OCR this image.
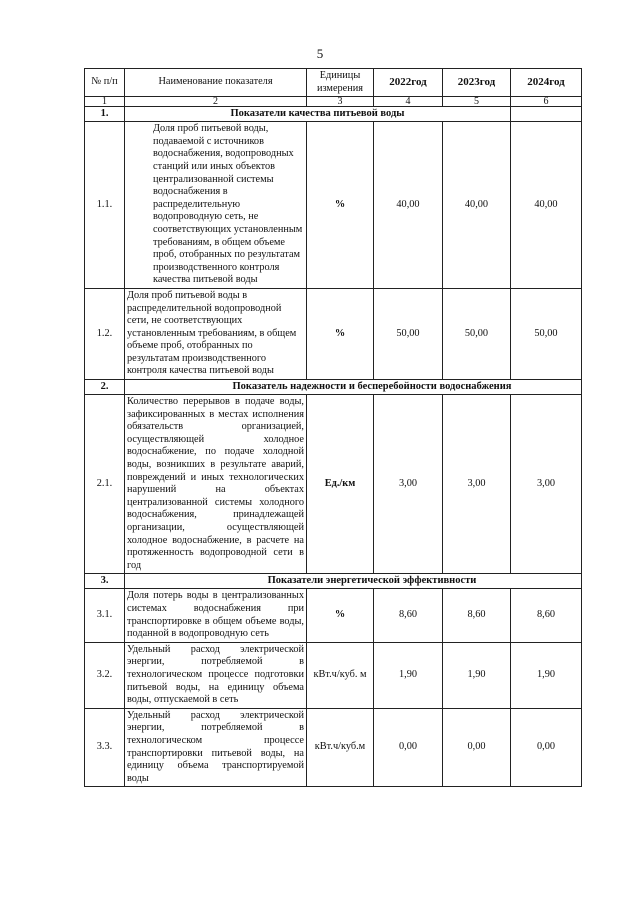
5
№ п/п	Наименование показателя	Единицы измерения	2022год	2023год	2024год
1	2	3	4	5	6
1.	Показатели качества питьевой воды				
1.1.	Доля проб питьевой воды, подаваемой с источников водоснабжения, водопроводных станций или иных объектов централизованной системы водоснабжения в распределительную водопроводную сеть, не соответствующих установленным требованиям, в общем объеме проб, отобранных по результатам производственного контроля качества питьевой воды	%	40,00	40,00	40,00
1.2.	Доля проб питьевой воды в распределительной водопроводной сети, не соответствующих установленным требованиям, в общем объеме проб, отобранных по результатам производственного контроля качества питьевой воды	%	50,00	50,00	50,00
2.	Показатель надежности и бесперебойности водоснабжения				
2.1.	Количество перерывов в подаче воды, зафиксированных в местах исполнения обязательств организацией, осуществляющей холодное водоснабжение, по подаче холодной воды, возникших в результате аварий, повреждений и иных технологических нарушений на объектах централизованной системы холодного водоснабжения, принадлежащей организации, осуществляющей холодное водоснабжение, в расчете на протяженность водопроводной сети в год	Ед./км	3,00	3,00	3,00
3.	Показатели энергетической эффективности				
3.1.	Доля потерь воды в централизованных системах водоснабжения при транспортировке в общем объеме воды, поданной в водопроводную сеть	%	8,60	8,60	8,60
3.2.	Удельный расход электрической энергии, потребляемой в технологическом процессе подготовки питьевой воды, на единицу объема воды, отпускаемой в сеть	кВт.ч/куб. м	1,90	1,90	1,90
3.3.	Удельный расход электрической энергии, потребляемой в технологическом процессе транспортировки питьевой воды, на единицу объема транспортируемой воды	кВт.ч/куб.м	0,00	0,00	0,00
